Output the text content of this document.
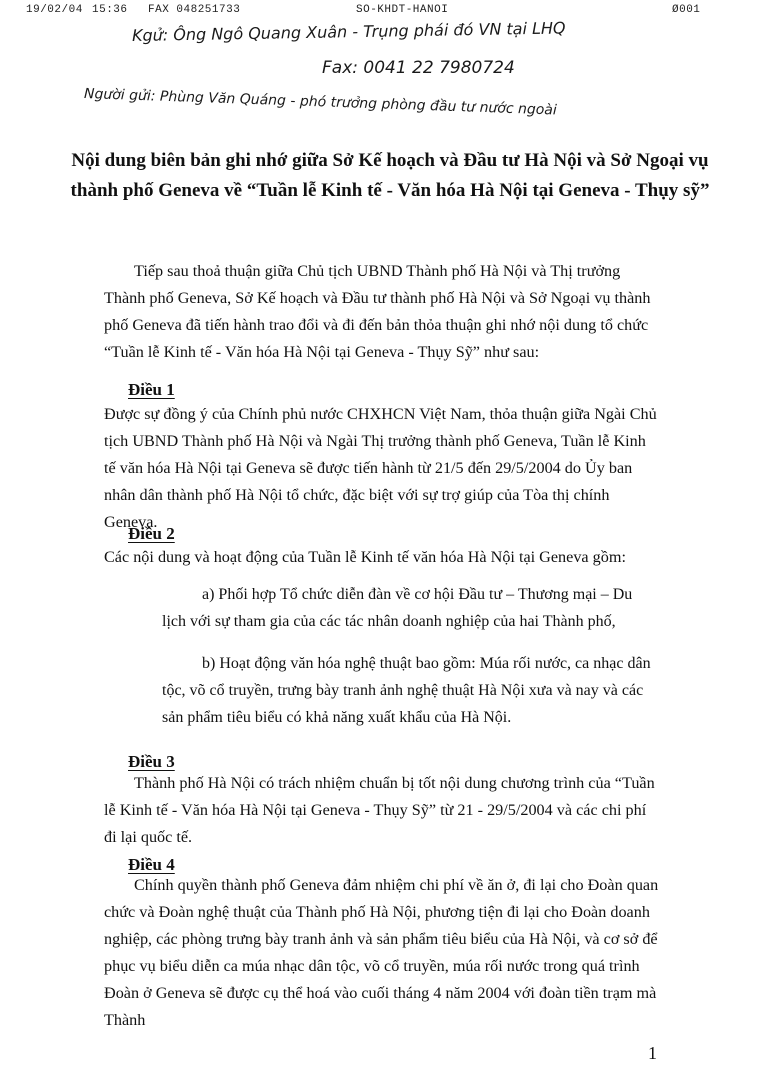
19/02/04 15:36 FAX 048251733	SO-KHDT-HANOI	Ø001
Kgử: Ông Ngô Quang Xuân - Trụng phái đó VN tại LHQ
Fax: 0041 22 7980724
Người gửi: Phùng Văn Quáng - phó trưởng phòng đầu tư nước ngoài
Nội dung biên bản ghi nhớ giữa Sở Kế hoạch và Đầu tư Hà Nội và Sở Ngoại vụ thành phố Geneva về “Tuần lễ Kinh tế - Văn hóa Hà Nội tại Geneva - Thụy sỹ”
Tiếp sau thoả thuận giữa Chủ tịch UBND Thành phố Hà Nội và Thị trưởng Thành phố Geneva, Sở Kế hoạch và Đầu tư thành phố Hà Nội và Sở Ngoại vụ thành phố Geneva đã tiến hành trao đổi và đi đến bản thỏa thuận ghi nhớ nội dung tổ chức “Tuần lễ Kinh tế - Văn hóa Hà Nội tại Geneva - Thụy Sỹ” như sau:
Điều 1
Được sự đồng ý của Chính phủ nước CHXHCN Việt Nam, thỏa thuận giữa Ngài Chủ tịch UBND Thành phố Hà Nội và Ngài Thị trưởng thành phố Geneva, Tuần lễ Kinh tế văn hóa Hà Nội tại Geneva sẽ được tiến hành từ 21/5 đến 29/5/2004 do Ủy ban nhân dân thành phố Hà Nội tổ chức, đặc biệt với sự trợ giúp của Tòa thị chính Geneva.
Điều 2
Các nội dung và hoạt động của Tuần lễ Kinh tế văn hóa Hà Nội tại Geneva gồm:
a) Phối hợp Tổ chức diễn đàn về cơ hội Đầu tư – Thương mại – Du lịch với sự tham gia của các tác nhân doanh nghiệp của hai Thành phố,
b) Hoạt động văn hóa nghệ thuật bao gồm: Múa rối nước, ca nhạc dân tộc, võ cổ truyền, trưng bày tranh ảnh nghệ thuật Hà Nội xưa và nay và các sản phẩm tiêu biểu có khả năng xuất khẩu của Hà Nội.
Điều 3
Thành phố Hà Nội có trách nhiệm chuẩn bị tốt nội dung chương trình của “Tuần lễ Kinh tế - Văn hóa Hà Nội tại Geneva - Thụy Sỹ” từ 21 - 29/5/2004 và các chi phí đi lại quốc tế.
Điều 4
Chính quyền thành phố Geneva đảm nhiệm chi phí về ăn ở, đi lại cho Đoàn quan chức và Đoàn nghệ thuật của Thành phố Hà Nội, phương tiện đi lại cho Đoàn doanh nghiệp, các phòng trưng bày tranh ảnh và sản phẩm tiêu biểu của Hà Nội, và cơ sở để phục vụ biểu diễn ca múa nhạc dân tộc, võ cổ truyền, múa rối nước trong quá trình Đoàn ở Geneva sẽ được cụ thể hoá vào cuối tháng 4 năm 2004 với đoàn tiền trạm mà Thành
1
